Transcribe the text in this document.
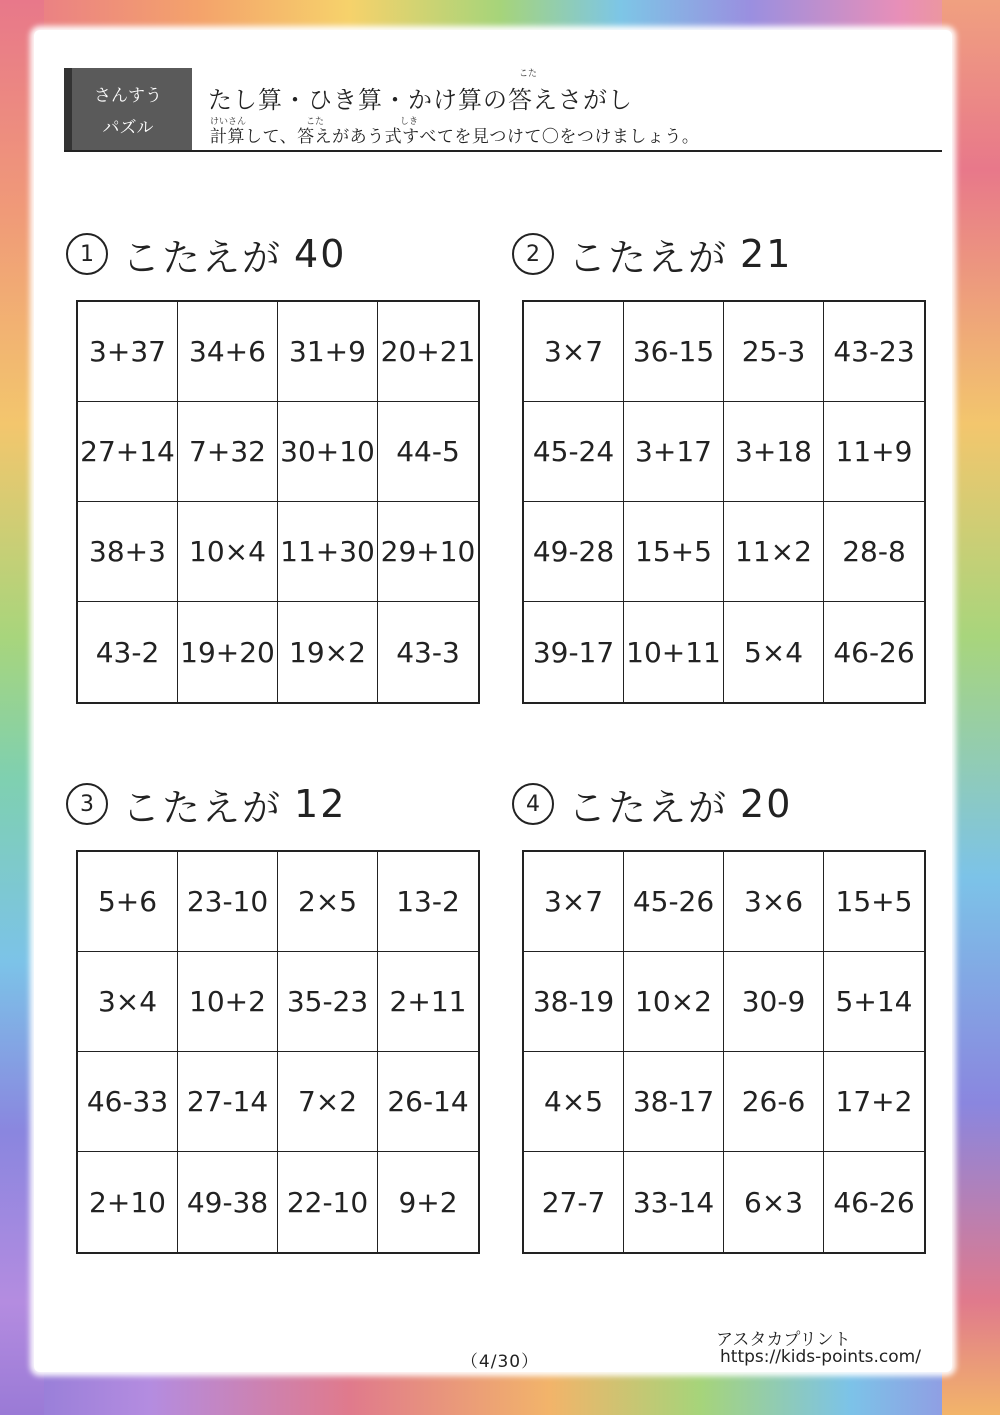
さんすう
パズル
こた
たし算・ひき算・かけ算の答えさがし
けいさん	こた	しき
計算して、答えがあう式すべてを見つけて〇をつけましょう。
1 こたえが 40
3+37 34+6 31+9 20+21
27+14 7+32 30+10 44-5
38+3 10×4 11+30 29+10
43-2 19+20 19×2	43-3
2 こたえが 21
3×7	36-15 25-3	43-23
45-24 3+17 3+18 11+9
49-28 15+5 11×2	28-8
39-17 10+11 5×4	46-26
3 こたえが 12
5+6	23-10	2×5	13-2
3×4	10+2 35-23 2+11
46-33 27-14	7×2	26-14
2+10 49-38 22-10	9+2
4 こたえが 20
3×7	45-26	3×6	15+5
38-19 10×2	30-9	5+14
4×5	38-17 26-6	17+2
27-7 33-14	6×3	46-26
アスタカプリント
（4/30）	https://kids-points.com/
